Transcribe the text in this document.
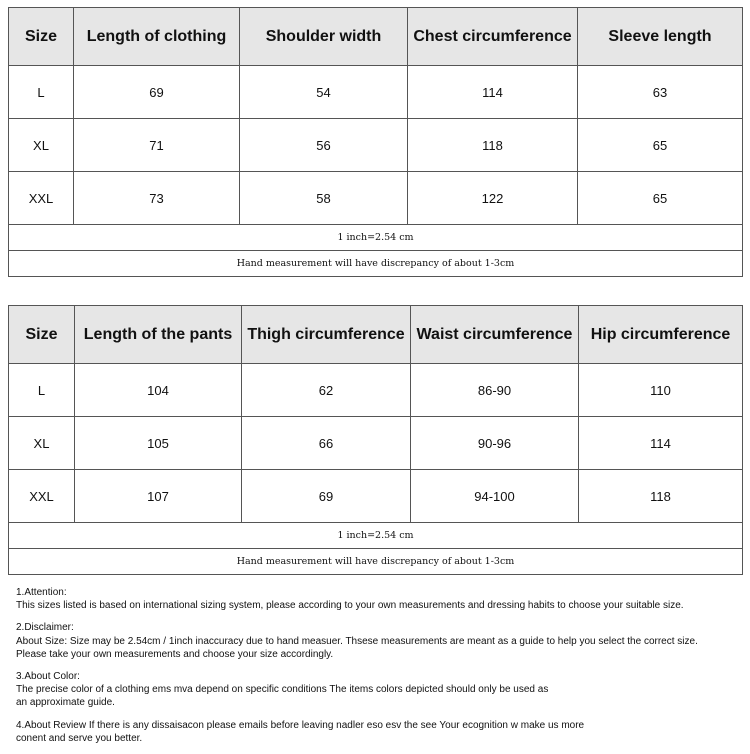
Size	Length of clothing	Shoulder width	Chest circumference	Sleeve length
L	69	54	114	63
XL	71	56	118	65
XXL	73	58	122	65
1 inch=2.54 cm				
Hand measurement will have discrepancy of about 1-3cm				
Size	Length of the pants	Thigh circumference	Waist circumference	Hip circumference
L	104	62	86-90	110
XL	105	66	90-96	114
XXL	107	69	94-100	118
1 inch=2.54 cm				
Hand measurement will have discrepancy of about 1-3cm				
1.Attention:
This sizes listed is based on international sizing system, please according to your own measurements and dressing habits to choose your suitable size.
2.Disclaimer:
About Size: Size may be 2.54cm / 1inch inaccuracy due to hand measuer. Thsese measurements are meant as a guide to help you select the correct size.
Please take your own measurements and choose your size accordingly.
3.About Color:
The precise color of a clothing ems mva depend on specific conditions The items colors depicted should only be used as
an approximate guide.
4.About Review If there is any dissaisacon please emails before leaving nadler eso esv the see Your ecognition w make us more
conent and serve you better.
